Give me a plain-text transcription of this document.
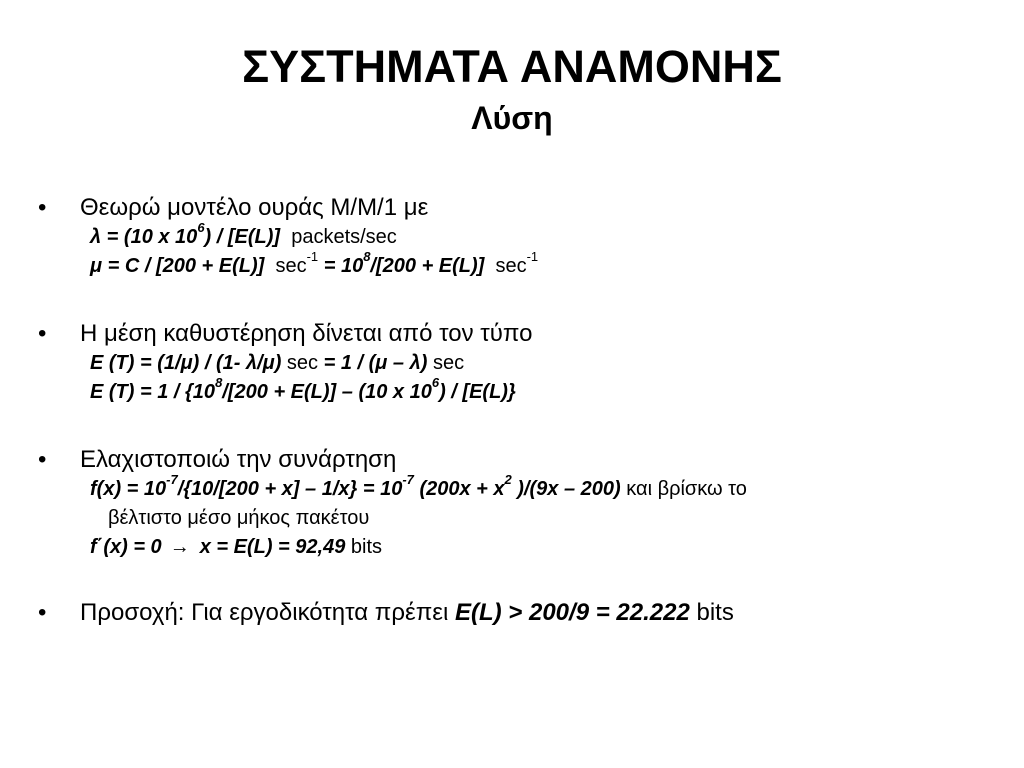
ΣΥΣΤΗΜΑΤΑ ΑΝΑΜΟΝΗΣ
Λύση
•	Θεωρώ μοντέλο ουράς M/M/1 με
λ = (10 x $10^6) / [E(L)]$ packets/sec
μ = C / [200 + E(L)] $\sec^{-1} = 10^8/[200 + E(L)]$ $\sec^{-1}$
•	Η μέση καθυστέρηση δίνεται από τον τύπο
E (T) = (1/μ) / (1- λ/μ) sec = 1 / (μ – λ) sec
E $(T) = 1 / \{10^8/[200 + E(L)] - (10$ x $10^6) / [E(L)\}$
•	Ελαχιστοποιώ την συνάρτηση
$f(x) = 10^{-7}/\{10/[200 + x] - 1/x\} = 10^{-7}$ ($200x + x^2$ )/(9x – 200) και βρίσκω το
βέλτιστο μέσο μήκος πακέτου
f΄(x) = 0 → x = E(L) = 92,49 bits
•	Προσοχή: Για εργοδικότητα πρέπει E(L) > 200/9 = 22.222 bits
